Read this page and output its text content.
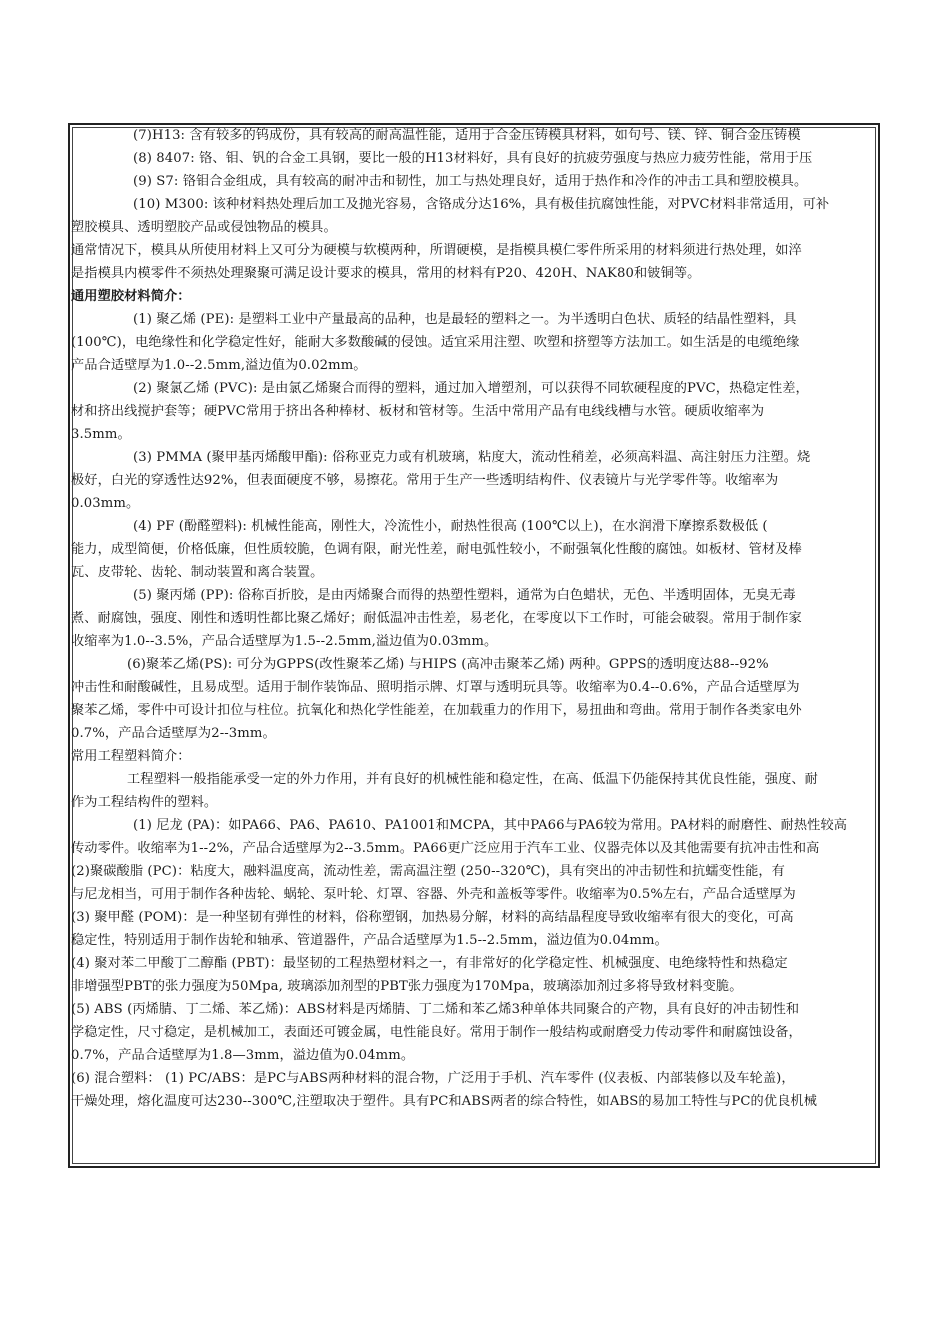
(7)H13: 含有较多的钨成份，具有较高的耐高温性能，适用于合金压铸模具材料，如句号、镁、锌、铜合金压铸模
(8) 8407: 铬、钼、钒的合金工具钢，要比一般的H13材料好，具有良好的抗疲劳强度与热应力疲劳性能，常用于压
(9) S7: 铬钼合金组成，具有较高的耐冲击和韧性，加工与热处理良好，适用于热作和冷作的冲击工具和塑胶模具。
(10) M300: 该种材料热处理后加工及抛光容易，含铬成分达16%，具有极佳抗腐蚀性能，对PVC材料非常适用，可补
塑胶模具、透明塑胶产品或侵蚀物品的模具。
通常情况下，模具从所使用材料上又可分为硬模与软模两种，所谓硬模，是指模具模仁零件所采用的材料须进行热处理，如淬
是指模具内模零件不须热处理聚聚可满足设计要求的模具，常用的材料有P20、420H、NAK80和铍铜等。
通用塑胶材料简介：
(1) 聚乙烯 (PE): 是塑料工业中产量最高的品种，也是最轻的塑料之一。为半透明白色状、质轻的结晶性塑料，具
(100℃)，电绝缘性和化学稳定性好，能耐大多数酸碱的侵蚀。适宜采用注塑、吹塑和挤塑等方法加工。如生活是的电缆绝缘
产品合适壁厚为1.0--2.5mm,溢边值为0.02mm。
(2) 聚氯乙烯 (PVC): 是由氯乙烯聚合而得的塑料，通过加入增塑剂，可以获得不同软硬程度的PVC，热稳定性差，
材和挤出线搅护套等；硬PVC常用于挤出各种棒材、板材和管材等。生活中常用产品有电线线槽与水管。硬质收缩率为
3.5mm。
(3) PMMA (聚甲基丙烯酸甲酯): 俗称亚克力或有机玻璃，粘度大，流动性稍差，必须高料温、高注射压力注塑。烧
极好，白光的穿透性达92%，但表面硬度不够，易擦花。常用于生产一些透明结构件、仪表镜片与光学零件等。收缩率为
0.03mm。
(4) PF (酚醛塑料): 机械性能高，刚性大，冷流性小，耐热性很高 (100℃以上)，在水润滑下摩擦系数极低 (
能力，成型简便，价格低廉，但性质较脆，色调有限，耐光性差，耐电弧性较小，不耐强氧化性酸的腐蚀。如板材、管材及棒
瓦、皮带轮、齿轮、制动装置和离合装置。
(5) 聚丙烯 (PP): 俗称百折胶，是由丙烯聚合而得的热塑性塑料，通常为白色蜡状，无色、半透明固体，无臭无毒
煮、耐腐蚀，强度、刚性和透明性都比聚乙烯好；耐低温冲击性差，易老化，在零度以下工作时，可能会破裂。常用于制作家
收缩率为1.0--3.5%，产品合适壁厚为1.5--2.5mm,溢边值为0.03mm。
(6)聚苯乙烯(PS): 可分为GPPS(改性聚苯乙烯) 与HIPS (高冲击聚苯乙烯) 两种。GPPS的透明度达88--92%
冲击性和耐酸碱性，且易成型。适用于制作装饰品、照明指示牌、灯罩与透明玩具等。收缩率为0.4--0.6%，产品合适壁厚为
聚苯乙烯，零件中可设计扣位与柱位。抗氧化和热化学性能差，在加载重力的作用下，易扭曲和弯曲。常用于制作各类家电外
0.7%，产品合适壁厚为2--3mm。
常用工程塑料简介：
工程塑料一般指能承受一定的外力作用，并有良好的机械性能和稳定性，在高、低温下仍能保持其优良性能，强度、耐
作为工程结构件的塑料。
(1) 尼龙 (PA)：如PA66、PA6、PA610、PA1001和MCPA，其中PA66与PA6较为常用。PA材料的耐磨性、耐热性较高
传动零件。收缩率为1--2%，产品合适壁厚为2--3.5mm。PA66更广泛应用于汽车工业、仪器壳体以及其他需要有抗冲击性和高
(2)聚碳酸脂 (PC)：粘度大，融料温度高，流动性差，需高温注塑 (250--320℃)，具有突出的冲击韧性和抗蠕变性能，有
与尼龙相当，可用于制作各种齿轮、蜗轮、泵叶轮、灯罩、容器、外壳和盖板等零件。收缩率为0.5%左右，产品合适壁厚为
(3) 聚甲醛 (POM)：是一种坚韧有弹性的材料，俗称塑钢，加热易分解，材料的高结晶程度导致收缩率有很大的变化，可高
稳定性，特别适用于制作齿轮和轴承、管道器件，产品合适壁厚为1.5--2.5mm，溢边值为0.04mm。
(4) 聚对苯二甲酸丁二醇酯 (PBT)：最坚韧的工程热塑材料之一，有非常好的化学稳定性、机械强度、电绝缘特性和热稳定
非增强型PBT的张力强度为50Mpa, 玻璃添加剂型的PBT张力强度为170Mpa，玻璃添加剂过多将导致材料变脆。
(5) ABS (丙烯腈、丁二烯、苯乙烯)：ABS材料是丙烯腈、丁二烯和苯乙烯3种单体共同聚合的产物，具有良好的冲击韧性和
学稳定性，尺寸稳定，是机械加工，表面还可镀金属，电性能良好。常用于制作一般结构或耐磨受力传动零件和耐腐蚀设备，
0.7%，产品合适壁厚为1.8—3mm，溢边值为0.04mm。
(6) 混合塑料： (1) PC/ABS：是PC与ABS两种材料的混合物，广泛用于手机、汽车零件 (仪表板、内部装修以及车轮盖)，
干燥处理，熔化温度可达230--300℃,注塑取决于塑件。具有PC和ABS两者的综合特性，如ABS的易加工特性与PC的优良机械
